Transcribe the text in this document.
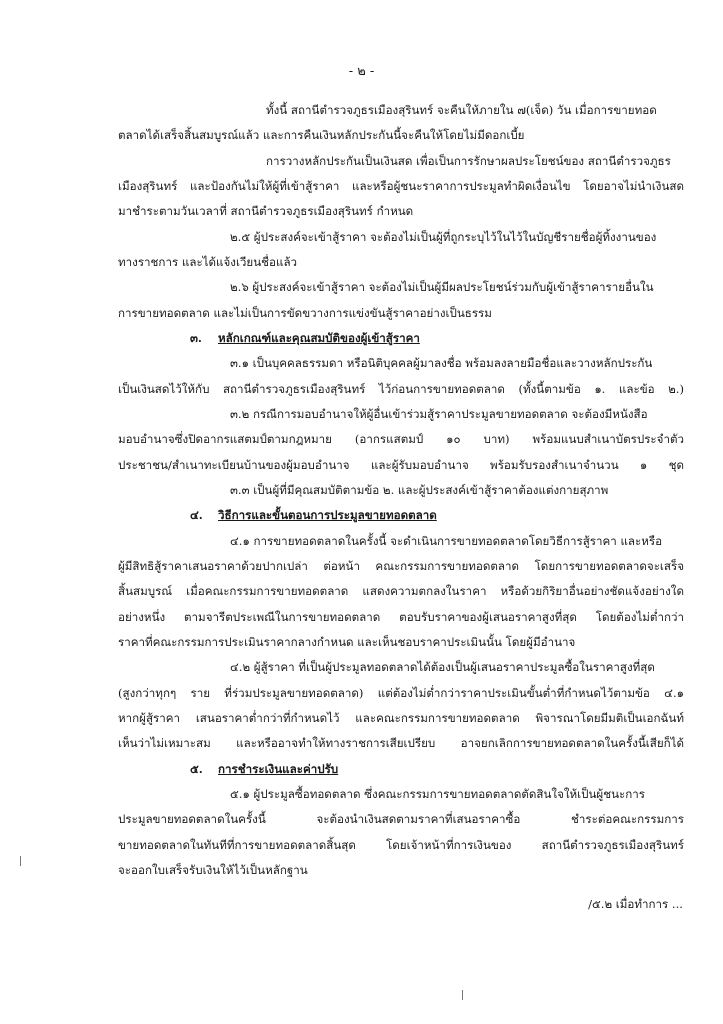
- ๒ -
ทั้งนี้ สถานีตำรวจภูธรเมืองสุรินทร์ จะคืนให้ภายใน ๗(เจ็ด) วัน เมื่อการขายทอด
ตลาดได้เสร็จสิ้นสมบูรณ์แล้ว และการคืนเงินหลักประกันนี้จะคืนให้โดยไม่มีดอกเบี้ย
การวางหลักประกันเป็นเงินสด เพื่อเป็นการรักษาผลประโยชน์ของ สถานีตำรวจภูธร
เมืองสุรินทร์ และป้องกันไม่ให้ผู้ที่เข้าสู้ราคา และหรือผู้ชนะราคาการประมูลทำผิดเงื่อนไข โดยอาจไม่นำเงินสด
มาชำระตามวันเวลาที่ สถานีตำรวจภูธรเมืองสุรินทร์ กำหนด
๒.๕ ผู้ประสงค์จะเข้าสู้ราคา จะต้องไม่เป็นผู้ที่ถูกระบุไว้ในไว้ในบัญชีรายชื่อผู้ทิ้งงานของ
ทางราชการ และได้แจ้งเวียนชื่อแล้ว
๒.๖ ผู้ประสงค์จะเข้าสู้ราคา จะต้องไม่เป็นผู้มีผลประโยชน์ร่วมกับผู้เข้าสู้ราคารายอื่นใน
การขายทอดตลาด และไม่เป็นการขัดขวางการแข่งขันสู้ราคาอย่างเป็นธรรม
๓. หลักเกณฑ์และคุณสมบัติของผู้เข้าสู้ราคา
๓.๑ เป็นบุคคลธรรมดา หรือนิติบุคคลผู้มาลงชื่อ พร้อมลงลายมือชื่อและวางหลักประกัน
เป็นเงินสดไว้ให้กับ สถานีตำรวจภูธรเมืองสุรินทร์ ไว้ก่อนการขายทอดตลาด (ทั้งนี้ตามข้อ ๑. และข้อ ๒.)
๓.๒ กรณีการมอบอำนาจให้ผู้อื่นเข้าร่วมสู้ราคาประมูลขายทอดตลาด จะต้องมีหนังสือ
มอบอำนาจซึ่งปิดอากรแสตมป์ตามกฎหมาย (อากรแสตมป์ ๑๐ บาท) พร้อมแนบสำเนาบัตรประจำตัว
ประชาชน/สำเนาทะเบียนบ้านของผู้มอบอำนาจ และผู้รับมอบอำนาจ พร้อมรับรองสำเนาจำนวน ๑ ชุด
๓.๓ เป็นผู้ที่มีคุณสมบัติตามข้อ ๒. และผู้ประสงค์เข้าสู้ราคาต้องแต่งกายสุภาพ
๔. วิธีการและขั้นตอนการประมูลขายทอดตลาด
๔.๑ การขายทอดตลาดในครั้งนี้ จะดำเนินการขายทอดตลาดโดยวิธีการสู้ราคา และหรือ
ผู้มีสิทธิสู้ราคาเสนอราคาด้วยปากเปล่า ต่อหน้า คณะกรรมการขายทอดตลาด โดยการขายทอดตลาดจะเสร็จ
สิ้นสมบูรณ์ เมื่อคณะกรรมการขายทอดตลาด แสดงความตกลงในราคา หรือด้วยกิริยาอื่นอย่างชัดแจ้งอย่างใด
อย่างหนึ่ง ตามจารีตประเพณีในการขายทอดตลาด ตอบรับราคาของผู้เสนอราคาสูงที่สุด โดยต้องไม่ต่ำกว่า
ราคาที่คณะกรรมการประเมินราคากลางกำหนด และเห็นชอบราคาประเมินนั้น โดยผู้มีอำนาจ
๔.๒ ผู้สู้ราคา ที่เป็นผู้ประมูลทอดตลาดได้ต้องเป็นผู้เสนอราคาประมูลซื้อในราคาสูงที่สุด
(สูงกว่าทุกๆ ราย ที่ร่วมประมูลขายทอดตลาด) แต่ต้องไม่ต่ำกว่าราคาประเมินขั้นต่ำที่กำหนดไว้ตามข้อ ๔.๑
หากผู้สู้ราคา เสนอราคาต่ำกว่าที่กำหนดไว้ และคณะกรรมการขายทอดตลาด พิจารณาโดยมีมติเป็นเอกฉันท์
เห็นว่าไม่เหมาะสม และหรืออาจทำให้ทางราชการเสียเปรียบ อาจยกเลิกการขายทอดตลาดในครั้งนี้เสียก็ได้
๕. การชำระเงินและค่าปรับ
๕.๑ ผู้ประมูลซื้อทอดตลาด ซึ่งคณะกรรมการขายทอดตลาดตัดสินใจให้เป็นผู้ชนะการ
ประมูลขายทอดตลาดในครั้งนี้ จะต้องนำเงินสดตามราคาที่เสนอราคาซื้อ ชำระต่อคณะกรรมการ
ขายทอดตลาดในทันทีที่การขายทอดตลาดสิ้นสุด โดยเจ้าหน้าที่การเงินของ สถานีตำรวจภูธรเมืองสุรินทร์
จะออกใบเสร็จรับเงินให้ไว้เป็นหลักฐาน
/๕.๒ เมื่อทำการ ...
